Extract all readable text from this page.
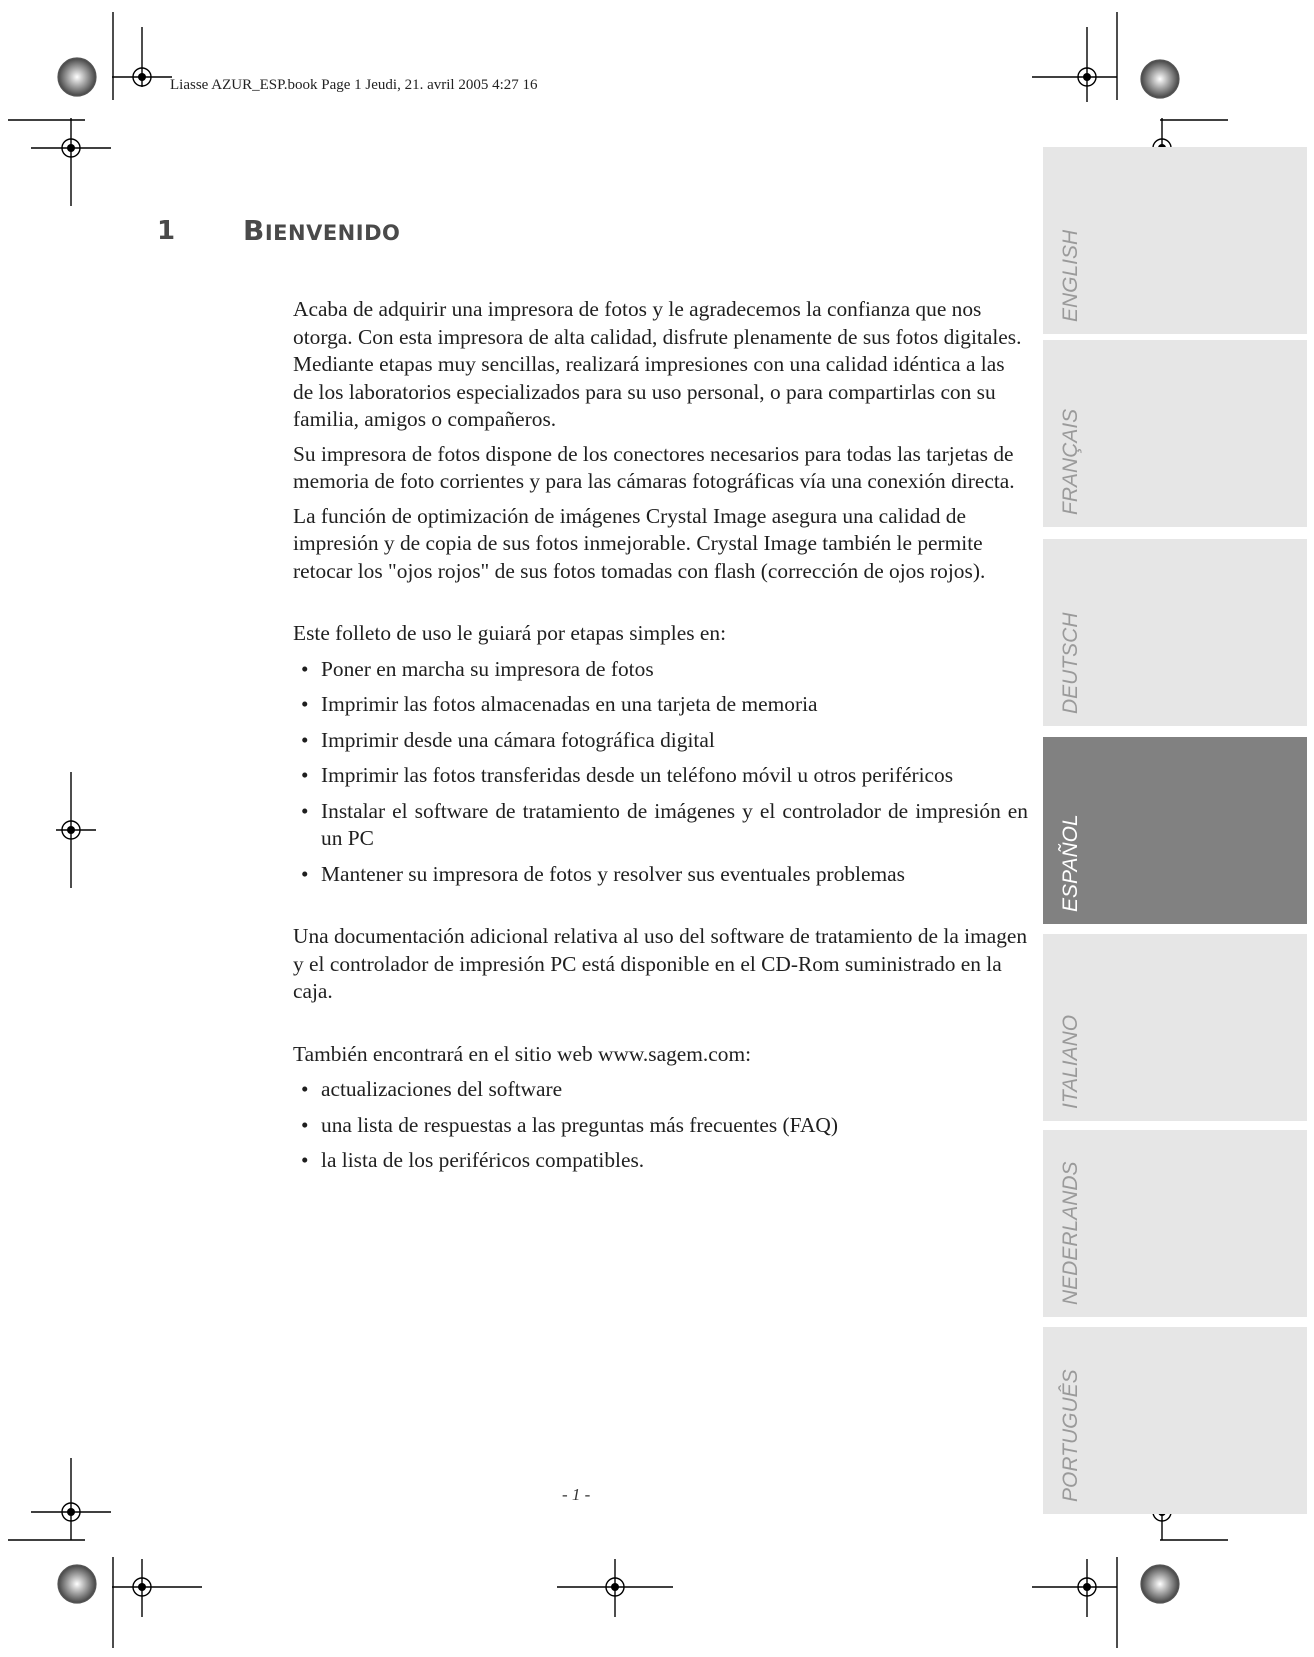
Liasse AZUR_ESP.book Page 1 Jeudi, 21. avril 2005 4:27 16
1 BIENVENIDO

Acaba de adquirir una impresora de fotos y le agradecemos la confianza que nos otorga. Con esta impresora de alta calidad, disfrute plenamente de sus fotos digitales. Mediante etapas muy sencillas, realizará impresiones con una calidad idéntica a las de los laboratorios especializados para su uso personal, o para compartirlas con su familia, amigos o compañeros.

Su impresora de fotos dispone de los conectores necesarios para todas las tarjetas de memoria de foto corrientes y para las cámaras fotográficas vía una conexión directa.

La función de optimización de imágenes Crystal Image asegura una calidad de impresión y de copia de sus fotos inmejorable. Crystal Image también le permite retocar los "ojos rojos" de sus fotos tomadas con flash (corrección de ojos rojos).

Este folleto de uso le guiará por etapas simples en:

• Poner en marcha su impresora de fotos
• Imprimir las fotos almacenadas en una tarjeta de memoria
• Imprimir desde una cámara fotográfica digital
• Imprimir las fotos transferidas desde un teléfono móvil u otros periféricos
• Instalar el software de tratamiento de imágenes y el controlador de impresión en un PC
• Mantener su impresora de fotos y resolver sus eventuales problemas

Una documentación adicional relativa al uso del software de tratamiento de la imagen y el controlador de impresión PC está disponible en el CD-Rom suministrado en la caja.

También encontrará en el sitio web www.sagem.com:

• actualizaciones del software
• una lista de respuestas a las preguntas más frecuentes (FAQ)
• la lista de los periféricos compatibles.
ENGLISH
FRANÇAIS
DEUTSCH
ESPAÑOL
ITALIANO
NEDERLANDS
PORTUGUÊS
- 1 -
